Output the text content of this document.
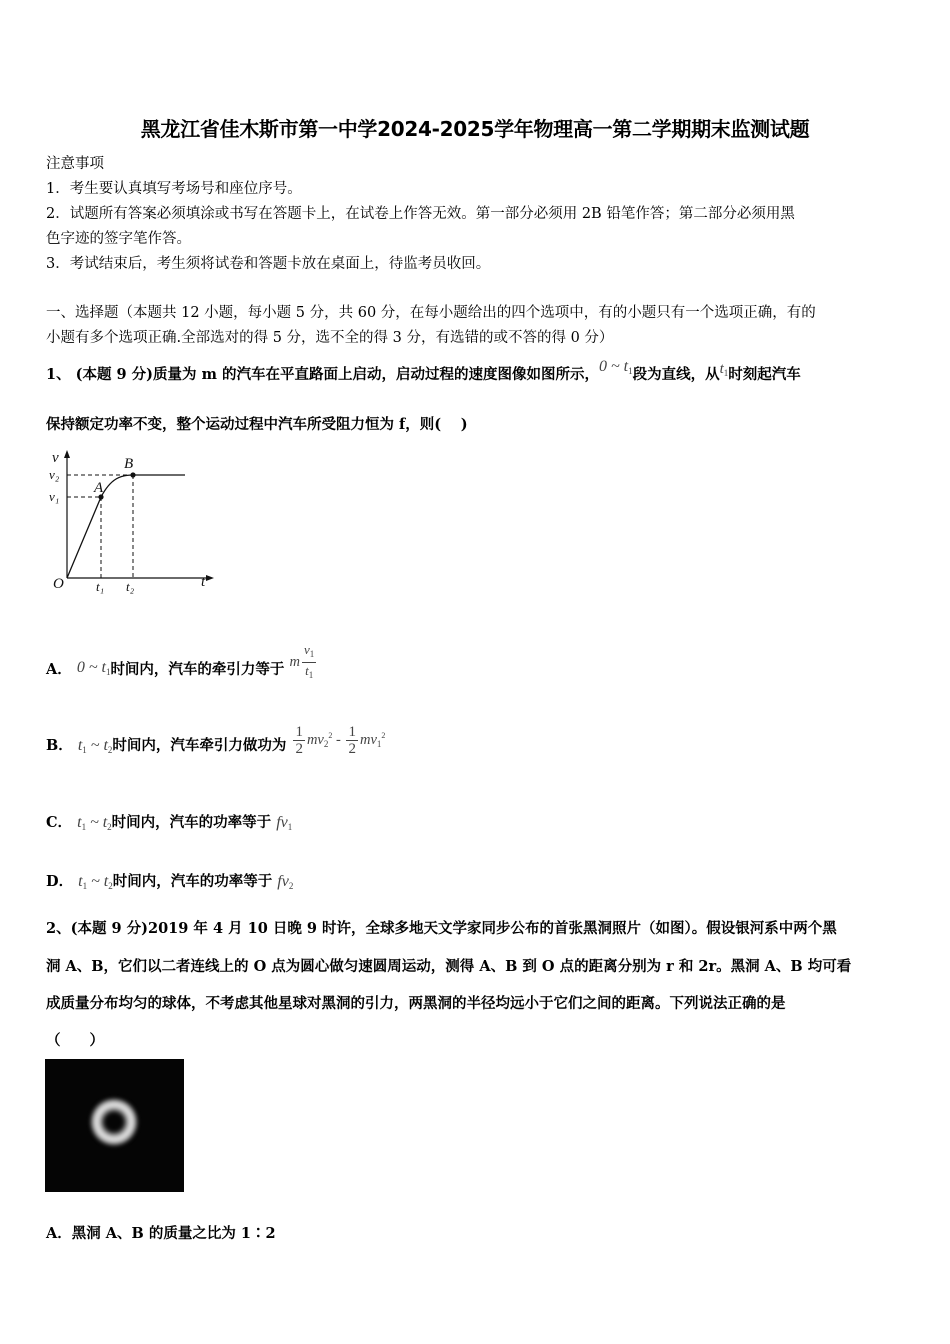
黑龙江省佳木斯市第一中学2024-2025学年物理高一第二学期期末监测试题
注意事项
1．考生要认真填写考场号和座位序号。
2．试题所有答案必须填涂或书写在答题卡上，在试卷上作答无效。第一部分必须用 2B 铅笔作答；第二部分必须用黑
色字迹的签字笔作答。
3．考试结束后，考生须将试卷和答题卡放在桌面上，待监考员收回。
一、选择题（本题共 12 小题，每小题 5 分，共 60 分，在每小题给出的四个选项中，有的小题只有一个选项正确，有的
小题有多个选项正确.全部选对的得 5 分，选不全的得 3 分，有选错的或不答的得 0 分）
1、 (本题 9 分)质量为 m 的汽车在平直路面上启动，启动过程的速度图像如图所示，0 ~ $t_1$段为直线，从$t_1$时刻起汽车
保持额定功率不变，整个运动过程中汽车所受阻力恒为 f，则(　 )
v
v₂
v₁
O t₁ t₂	t
A
B
A． 0 ~ $t_1$时间内，汽车的牵引力等于 m $\frac{v_1}{t_1}$
B． $t_1$ ~ $t_2$时间内，汽车牵引力做功为 $\frac{1}{2} mv_2^2 - \frac{1}{2} mv_1^2$
C． $t_1$ ~ $t_2$时间内，汽车的功率等于 $fv_1$
D． $t_1$ ~ $t_2$时间内，汽车的功率等于 $fv_2$
2、(本题 9 分)2019 年 4 月 10 日晚 9 时许，全球多地天文学家同步公布的首张黑洞照片（如图）。假设银河系中两个黑
洞 A、B，它们以二者连线上的 O 点为圆心做匀速圆周运动，测得 A、B 到 O 点的距离分别为 r 和 2r。黑洞 A、B 均可看
成质量分布均匀的球体，不考虑其他星球对黑洞的引力，两黑洞的半径均远小于它们之间的距离。下列说法正确的是
（　　）
A．黑洞 A、B 的质量之比为 1∶2
